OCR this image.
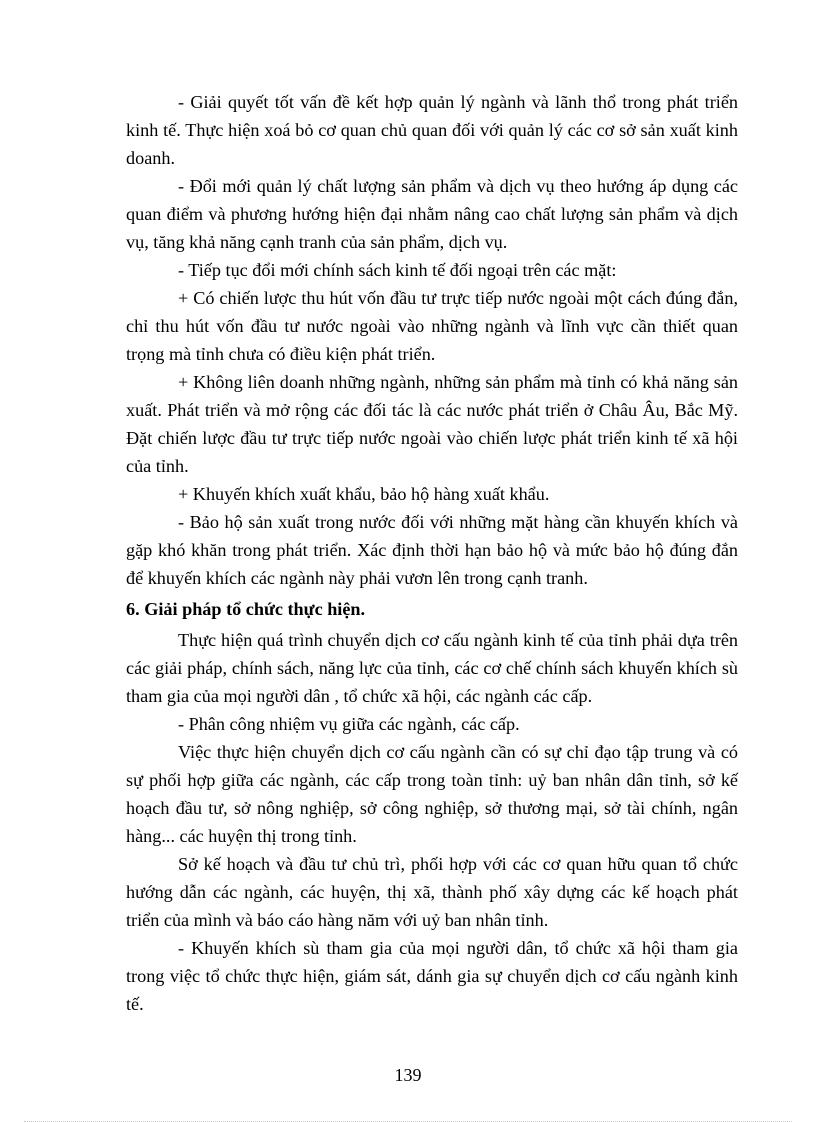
- Giải quyết tốt vấn đề kết hợp quản lý ngành và lãnh thổ trong phát triển kinh tế. Thực hiện xoá bỏ cơ quan chủ quan đối với quản lý các cơ sở sản xuất kinh doanh.

- Đổi mới quản lý chất lượng sản phẩm và dịch vụ theo hướng áp dụng các quan điểm và phương hướng hiện đại nhằm nâng cao chất lượng sản phẩm và dịch vụ, tăng khả năng cạnh tranh của sản phẩm, dịch vụ.

- Tiếp tục đổi mới chính sách kinh tế đối ngoại trên các mặt:

+ Có chiến lược thu hút vốn đầu tư trực tiếp nước ngoài một cách đúng đắn, chỉ thu hút vốn đầu tư nước ngoài vào những ngành và lĩnh vực cần thiết quan trọng mà tỉnh chưa có điều kiện phát triển.

+ Không liên doanh những ngành, những sản phẩm mà tỉnh có khả năng sản xuất. Phát triển và mở rộng các đối tác là các nước phát triển ở Châu Âu, Bắc Mỹ. Đặt chiến lược đầu tư trực tiếp nước ngoài vào chiến lược phát triển kinh tế xã hội của tỉnh.

+ Khuyến khích xuất khẩu, bảo hộ hàng xuất khẩu.

- Bảo hộ sản xuất trong nước đối với những mặt hàng cần khuyến khích và gặp khó khăn trong phát triển. Xác định thời hạn bảo hộ và mức bảo hộ đúng đắn để khuyến khích các ngành này phải vươn lên trong cạnh tranh.

6. Giải pháp tổ chức thực hiện.

Thực hiện quá trình chuyển dịch cơ cấu ngành kinh tế của tỉnh phải dựa trên các giải pháp, chính sách, năng lực của tỉnh, các cơ chế chính sách khuyến khích sù tham gia của mọi người dân , tổ chức xã hội, các ngành các cấp.

- Phân công nhiệm vụ giữa các ngành, các cấp.

Việc thực hiện chuyển dịch cơ cấu ngành cần có sự chỉ đạo tập trung và có sự phối hợp giữa các ngành, các cấp trong toàn tỉnh: uỷ ban nhân dân tỉnh, sở kế hoạch đầu tư, sở nông nghiệp, sở công nghiệp, sở thương mại, sở tài chính, ngân hàng... các huyện thị trong tỉnh.

Sở kế hoạch và đầu tư chủ trì, phối hợp với các cơ quan hữu quan tổ chức hướng dẫn các ngành, các huyện, thị xã, thành phố xây dựng các kế hoạch phát triển của mình và báo cáo hàng năm với uỷ ban nhân tỉnh.

- Khuyến khích sù tham gia của mọi người dân, tổ chức xã hội tham gia trong việc tổ chức thực hiện, giám sát, dánh gia sự chuyển dịch cơ cấu ngành kinh tế.

139
